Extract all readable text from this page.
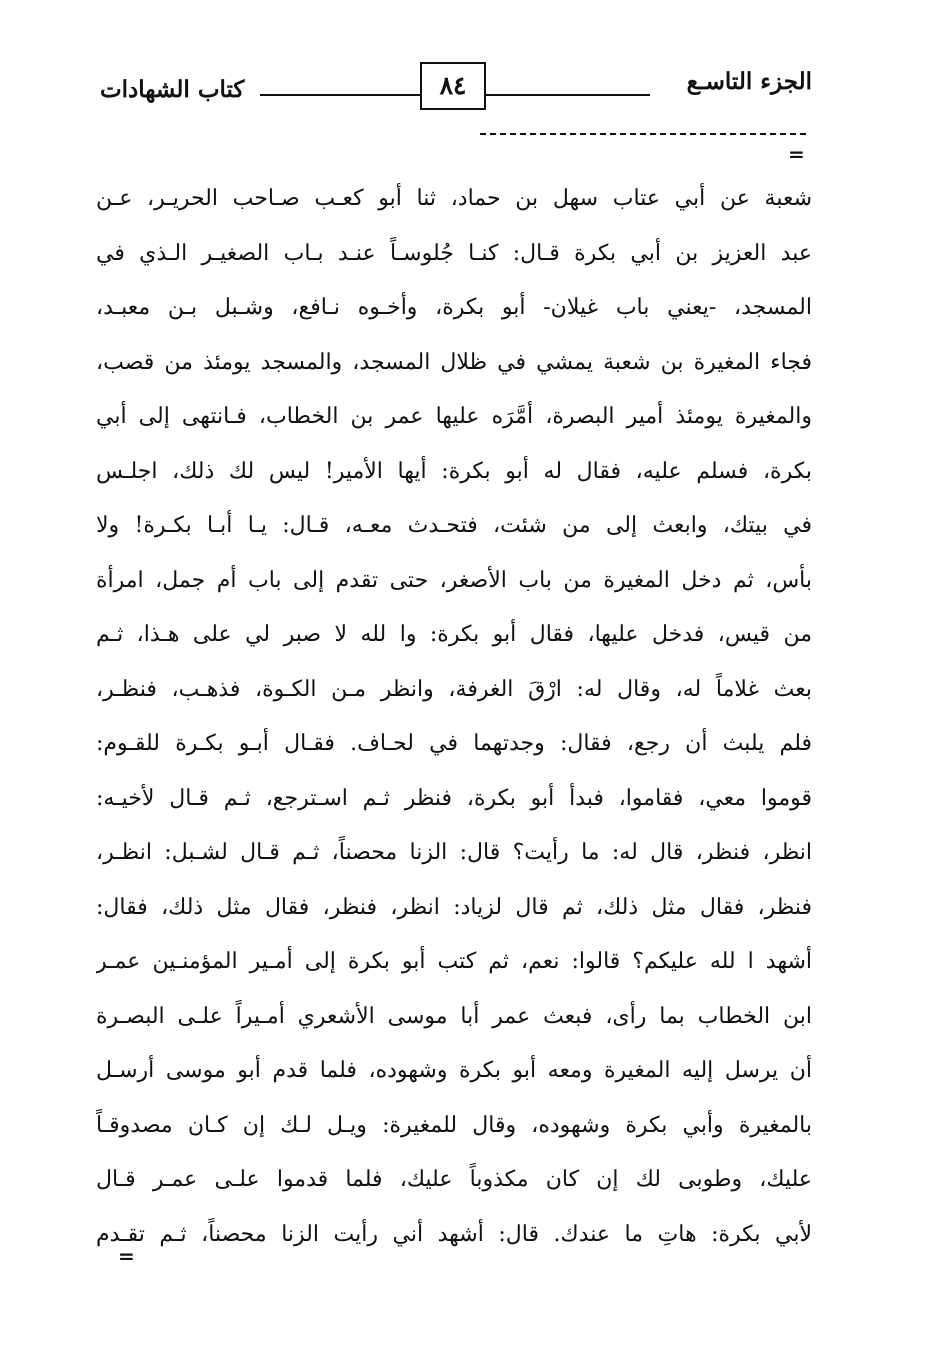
الجزء التاسـع
٨٤
كتاب الشهادات
=
شعبة عن أبي عتاب سهل بن حماد، ثنا أبو كعـب صـاحب الحريـر، عـن
عبد العزيز بن أبي بكرة قـال: كنـا جُلوسـاً عنـد بـاب الصغيـر الـذي في
المسجد، -يعني باب غيلان- أبو بكرة، وأخـوه نـافع، وشـبل بـن معبـد،
فجاء المغيرة بن شعبة يمشي في ظلال المسجد، والمسجد يومئذ من قصب،
والمغيرة يومئذ أمير البصرة، أمَّرَه عليها عمر بن الخطاب، فـانتهى إلى أبي
بكرة، فسلم عليه، فقال له أبو بكرة: أيها الأمير! ليس لك ذلك، اجلـس
في بيتك، وابعث إلى من شئت، فتحـدث معـه، قـال: يـا أبـا بكـرة! ولا
بأس، ثم دخل المغيرة من باب الأصغر، حتى تقدم إلى باب أم جمل، امرأة
من قيس، فدخل عليها، فقال أبو بكرة: وا لله لا صبر لي على هـذا، ثـم
بعث غلاماً له، وقال له: ارْقَ الغرفة، وانظر مـن الكـوة، فذهـب، فنظـر،
فلم يلبث أن رجع، فقال: وجدتهما في لحـاف. فقـال أبـو بكـرة للقـوم:
قوموا معي، فقاموا، فبدأ أبو بكرة، فنظر ثـم اسـترجع، ثـم قـال لأخيـه:
انظر، فنظر، قال له: ما رأيت؟ قال: الزنا محصناً، ثـم قـال لشـبل: انظـر،
فنظر، فقال مثل ذلك، ثم قال لزياد: انظر، فنظر، فقال مثل ذلك، فقال:
أشهد ا لله عليكم؟ قالوا: نعم، ثم كتب أبو بكرة إلى أمـير المؤمنـين عمـر
ابن الخطاب بما رأى، فبعث عمر أبا موسى الأشعري أمـيراً علـى البصـرة
أن يرسل إليه المغيرة ومعه أبو بكرة وشهوده، فلما قدم أبو موسى أرسـل
بالمغيرة وأبي بكرة وشهوده، وقال للمغيرة: ويـل لـك إن كـان مصدوقـاً
عليك، وطوبى لك إن كان مكذوباً عليك، فلما قدموا علـى عمـر قـال
لأبي بكرة: هاتِ ما عندك. قال: أشهد أني رأيت الزنا محصناً، ثـم تقـدم
=
